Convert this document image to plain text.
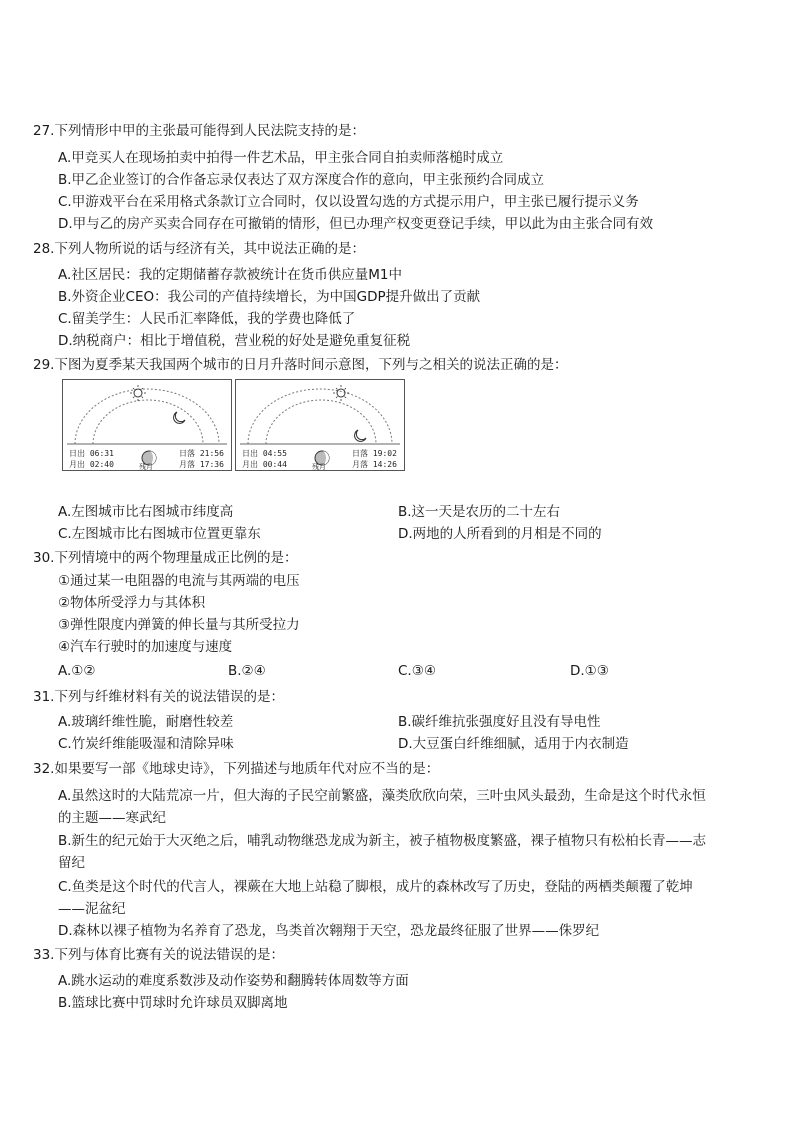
27.下列情形中甲的主张最可能得到人民法院支持的是：
A.甲竞买人在现场拍卖中拍得一件艺术品，甲主张合同自拍卖师落槌时成立
B.甲乙企业签订的合作备忘录仅表达了双方深度合作的意向，甲主张预约合同成立
C.甲游戏平台在采用格式条款订立合同时，仅以设置勾选的方式提示用户，甲主张已履行提示义务
D.甲与乙的房产买卖合同存在可撤销的情形，但已办理产权变更登记手续，甲以此为由主张合同有效
28.下列人物所说的话与经济有关，其中说法正确的是：
A.社区居民：我的定期储蓄存款被统计在货币供应量M1中
B.外资企业CEO：我公司的产值持续增长，为中国GDP提升做出了贡献
C.留美学生：人民币汇率降低，我的学费也降低了
D.纳税商户：相比于增值税，营业税的好处是避免重复征税
29.下图为夏季某天我国两个城市的日月升落时间示意图，下列与之相关的说法正确的是：
日出 06:31
月出 02:40
日落 21:56
月落 17:36
残月
日出 04:55
月出 00:44
日落 19:02
月落 14:26
残月
A.左图城市比右图城市纬度高	B.这一天是农历的二十左右
C.左图城市比右图城市位置更靠东	D.两地的人所看到的月相是不同的
30.下列情境中的两个物理量成正比例的是：
①通过某一电阻器的电流与其两端的电压
②物体所受浮力与其体积
③弹性限度内弹簧的伸长量与其所受拉力
④汽车行驶时的加速度与速度
A.①②	B.②④	C.③④	D.①③
31.下列与纤维材料有关的说法错误的是：
A.玻璃纤维性脆，耐磨性较差	B.碳纤维抗张强度好且没有导电性
C.竹炭纤维能吸湿和清除异味	D.大豆蛋白纤维细腻，适用于内衣制造
32.如果要写一部《地球史诗》，下列描述与地质年代对应不当的是：
A.虽然这时的大陆荒凉一片，但大海的子民空前繁盛，藻类欣欣向荣，三叶虫风头最劲，生命是这个时代永恒
的主题——寒武纪
B.新生的纪元始于大灭绝之后，哺乳动物继恐龙成为新主，被子植物极度繁盛，裸子植物只有松柏长青——志
留纪
C.鱼类是这个时代的代言人，裸蕨在大地上站稳了脚根，成片的森林改写了历史，登陆的两栖类颠覆了乾坤
——泥盆纪
D.森林以裸子植物为名养育了恐龙，鸟类首次翱翔于天空，恐龙最终征服了世界——侏罗纪
33.下列与体育比赛有关的说法错误的是：
A.跳水运动的难度系数涉及动作姿势和翻腾转体周数等方面
B.篮球比赛中罚球时允许球员双脚离地
